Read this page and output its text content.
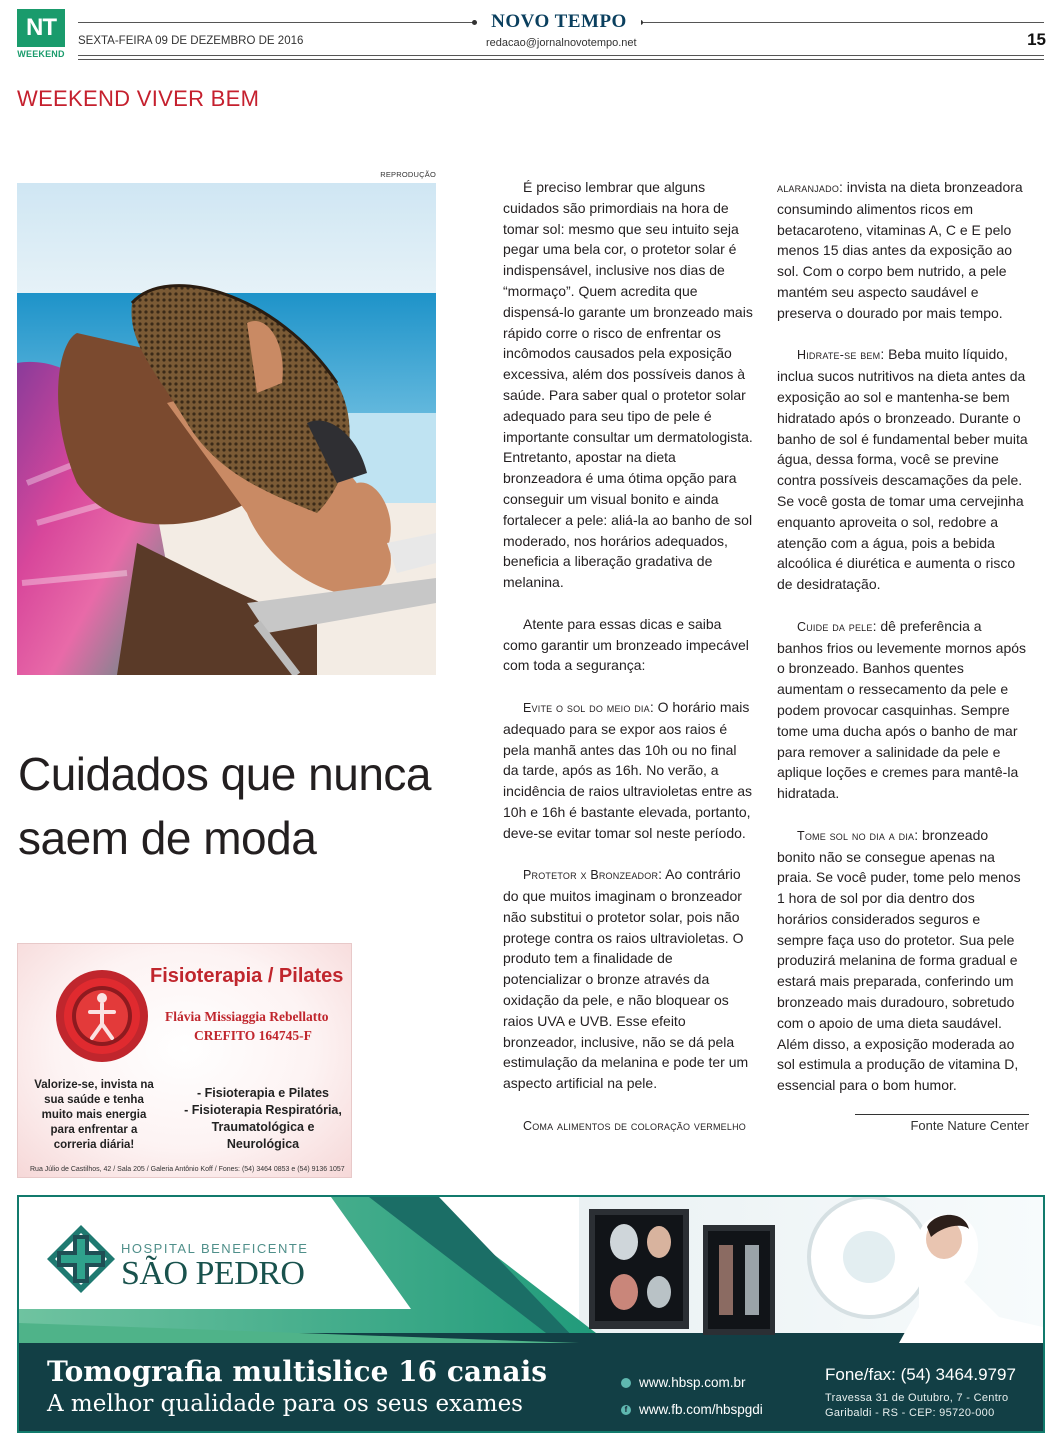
NT
WEEKEND
NOVO TEMPO
SEXTA-FEIRA 09 DE DEZEMBRO DE 2016	redacao@jornalnovotempo.net	15
WEEKEND VIVER BEM
REPRODUÇÃO
Cuidados que nunca saem de moda

É preciso lembrar que alguns cuidados são primordiais na hora de tomar sol: mesmo que seu intuito seja pegar uma bela cor, o protetor solar é indispensável, inclusive nos dias de “mormaço”. Quem acredita que dispensá-lo garante um bronzeado mais rápido corre o risco de enfrentar os incômodos causados pela exposição excessiva, além dos possíveis danos à saúde. Para saber qual o protetor solar adequado para seu tipo de pele é importante consultar um dermatologista. Entretanto, apostar na dieta bronzeadora é uma ótima opção para conseguir um visual bonito e ainda fortalecer a pele: aliá-la ao banho de sol moderado, nos horários adequados, beneficia a liberação gradativa de melanina.

Atente para essas dicas e saiba como garantir um bronzeado impecável com toda a segurança:

Evite o sol do meio dia: O horário mais adequado para se expor aos raios é pela manhã antes das 10h ou no final da tarde, após as 16h. No verão, a incidência de raios ultravioletas entre as 10h e 16h é bastante elevada, portanto, deve-se evitar tomar sol neste período.

Protetor x Bronzeador: Ao contrário do que muitos imaginam o bronzeador não substitui o protetor solar, pois não protege contra os raios ultravioletas. O produto tem a finalidade de potencializar o bronze através da oxidação da pele, e não bloquear os raios UVA e UVB. Esse efeito bronzeador, inclusive, não se dá pela estimulação da melanina e pode ter um aspecto artificial na pele.

Coma alimentos de coloração vermelho

alaranjado: invista na dieta bronzeadora consumindo alimentos ricos em betacaroteno, vitaminas A, C e E pelo menos 15 dias antes da exposição ao sol. Com o corpo bem nutrido, a pele mantém seu aspecto saudável e preserva o dourado por mais tempo.

Hidrate-se bem: Beba muito líquido, inclua sucos nutritivos na dieta antes da exposição ao sol e mantenha-se bem hidratado após o bronzeado. Durante o banho de sol é fundamental beber muita água, dessa forma, você se previne contra possíveis descamações da pele. Se você gosta de tomar uma cervejinha enquanto aproveita o sol, redobre a atenção com a água, pois a bebida alcoólica é diurética e aumenta o risco de desidratação.

Cuide da pele: dê preferência a banhos frios ou levemente mornos após o bronzeado. Banhos quentes aumentam o ressecamento da pele e podem provocar casquinhas. Sempre tome uma ducha após o banho de mar para remover a salinidade da pele e aplique loções e cremes para mantê-la hidratada.

Tome sol no dia a dia: bronzeado bonito não se consegue apenas na praia. Se você puder, tome pelo menos 1 hora de sol por dia dentro dos horários considerados seguros e sempre faça uso do protetor. Sua pele produzirá melanina de forma gradual e estará mais preparada, conferindo um bronzeado mais duradouro, sobretudo com o apoio de uma dieta saudável. Além disso, a exposição moderada ao sol estimula a produção de vitamina D, essencial para o bom humor.

Fonte Nature Center
Fisioterapia / Pilates
Flávia Missiaggia Rebellatto
CREFITO 164745-F
Valorize-se, invista na sua saúde e tenha muito mais energia para enfrentar a correria diária!
- Fisioterapia e Pilates
- Fisioterapia Respiratória,
Traumatológica e Neurológica
Rua Júlio de Castilhos, 42 / Sala 205 / Galeria Antônio Koff / Fones: (54) 3464 0853 e (54) 9136 1057
HOSPITAL BENEFICENTE
SÃO PEDRO
Tomografia multislice 16 canais
A melhor qualidade para os seus exames
www.hbsp.com.br
f www.fb.com/hbspgdi
Fone/fax: (54) 3464.9797
Travessa 31 de Outubro, 7 - Centro
Garibaldi - RS - CEP: 95720-000
